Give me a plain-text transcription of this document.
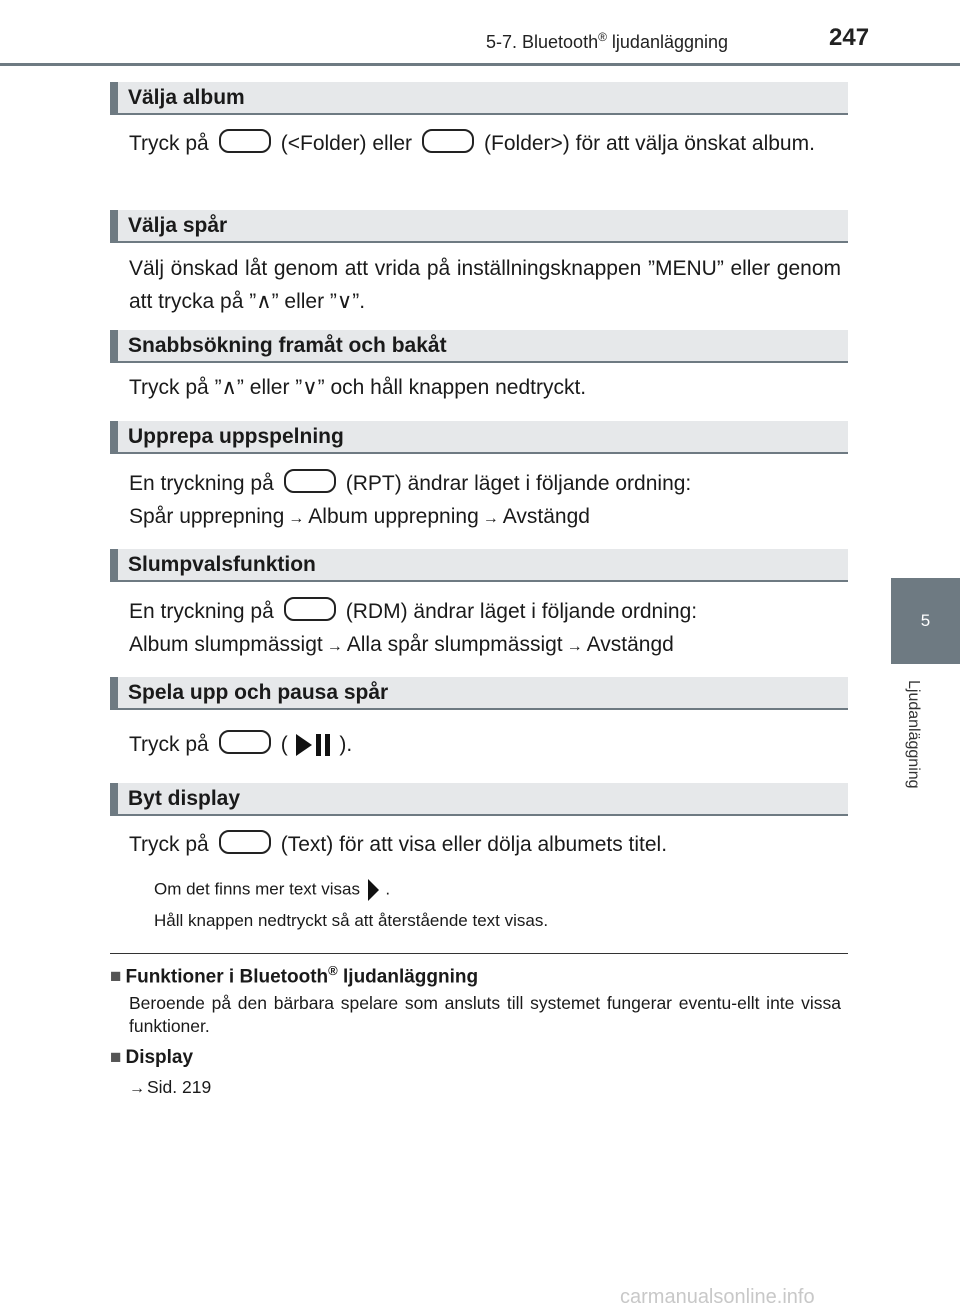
5-7. Bluetooth® ljudanläggning	247
5
Ljudanläggning
Välja album
Tryck på	(<Folder) eller	(Folder>) för att välja önskat album.
Välja spår
Välj önskad låt genom att vrida på inställningsknappen ”MENU” eller genom att trycka på ”∧” eller ”∨”.
Snabbsökning framåt och bakåt
Tryck på ”∧” eller ”∨” och håll knappen nedtryckt.
Upprepa uppspelning
En tryckning på	(RPT) ändrar läget i följande ordning:
Spår upprepning → Album upprepning → Avstängd
Slumpvalsfunktion
En tryckning på	(RDM) ändrar läget i följande ordning:
Album slumpmässigt → Alla spår slumpmässigt → Avstängd
Spela upp och pausa spår
Tryck på	( ).
Byt display
Tryck på	(Text) för att visa eller dölja albumets titel.
Om det finns mer text visas .
Håll knappen nedtryckt så att återstående text visas.
■ Funktioner i Bluetooth® ljudanläggning
Beroende på den bärbara spelare som ansluts till systemet fungerar eventu-ellt inte vissa funktioner.
■ Display
→ Sid. 219
carmanualsonline.info
